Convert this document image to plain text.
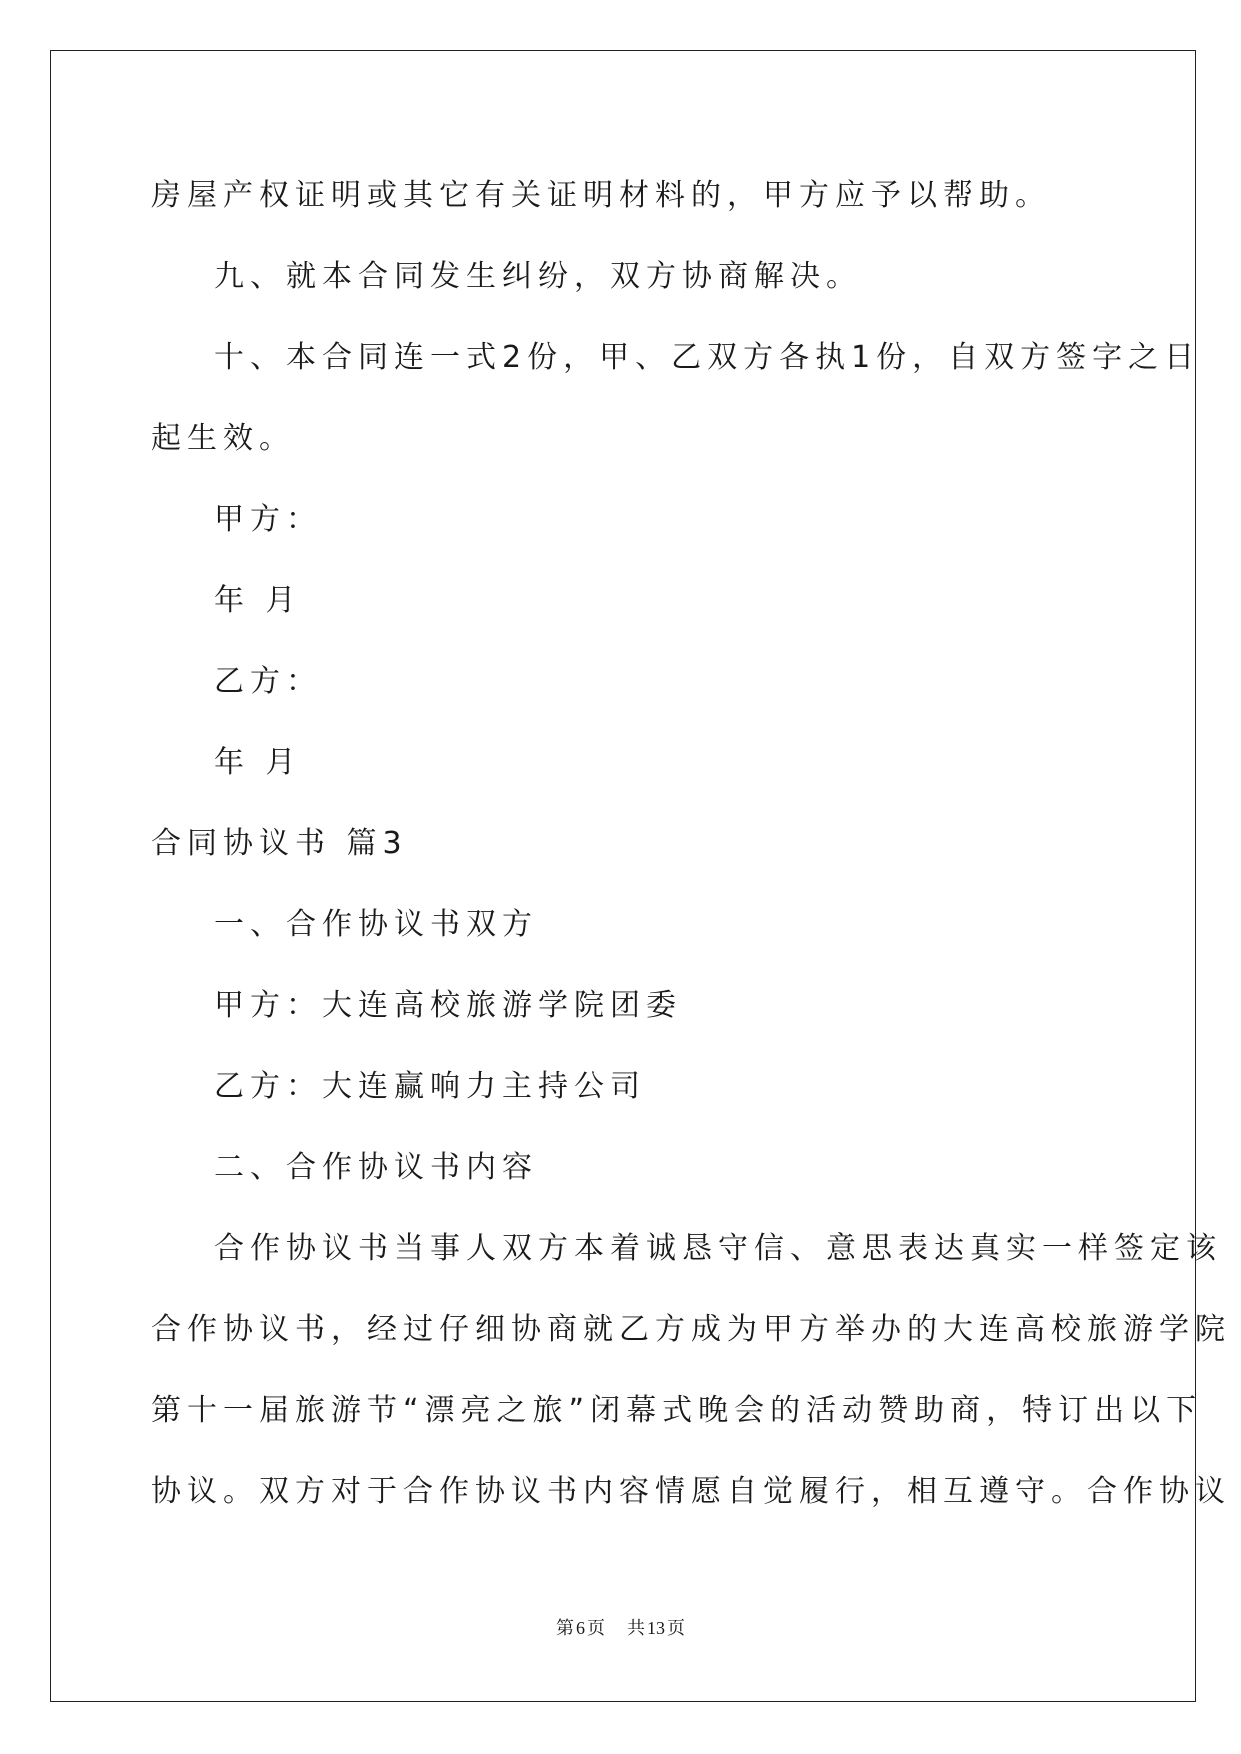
房屋产权证明或其它有关证明材料的，甲方应予以帮助。
九、就本合同发生纠纷，双方协商解决。
十、本合同连一式2份，甲、乙双方各执1份，自双方签字之日
起生效。
甲方：
年 月
乙方：
年 月
合同协议书 篇3
一、合作协议书双方
甲方：大连高校旅游学院团委
乙方：大连赢响力主持公司
二、合作协议书内容
合作协议书当事人双方本着诚恳守信、意思表达真实一样签定该
合作协议书，经过仔细协商就乙方成为甲方举办的大连高校旅游学院
第十一届旅游节“漂亮之旅”闭幕式晚会的活动赞助商，特订出以下
协议。双方对于合作协议书内容情愿自觉履行，相互遵守。合作协议
第 6 页 共 13 页
